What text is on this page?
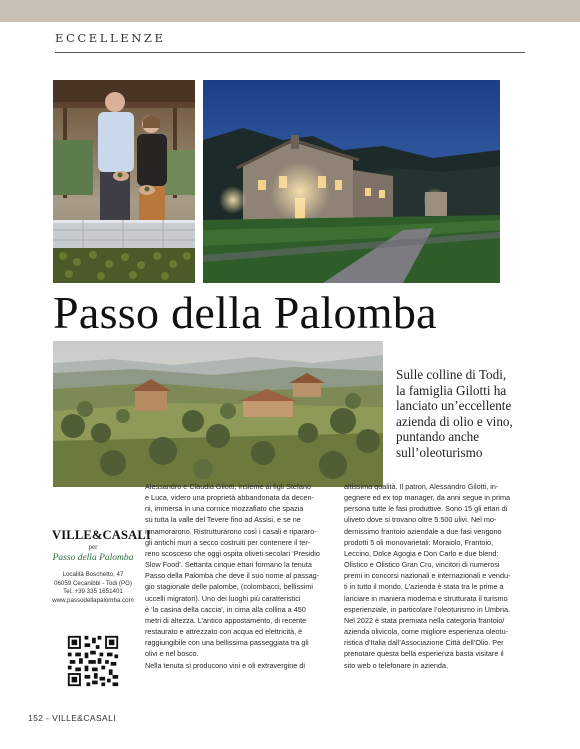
ECCELLENZE
Passo della Palomba
Sulle colline di Todi,
la famiglia Gilotti ha
lanciato un’eccellente
azienda di olio e vino,
puntando anche
sull’oleoturismo
VILLE&CASALI
per
Passo della Palomba
Località Boschetto, 47
06059 Cecanibbi - Todi (PG)
Tel. +39 335 1651401
www.passodellapalomba.com
Alessandro e Claudia Gilotti, insieme ai figli Stefano
e Luca, videro una proprietà abbandonata da decen-
ni, immersa in una cornice mozzafiato che spazia
su tutta la valle del Tevere fino ad Assisi, e se ne
innamorarono. Ristrutturarono così i casali e ripararo-
gli antichi muri a secco costruiti per contenere il ter-
reno scosceso che oggi ospita oliveti secolari ‘Presidio
Slow Food’. Settanta cinque ettari formano la tenuta
Passo della Palomba che deve il suo nome al passag-
gio stagionale delle palombe, (colombacci, bellissimi
uccelli migratori). Uno dei luoghi più caratteristici
è ‘la casina della caccia’, in cima alla collina a 450
metri di altezza. L’antico appostamento, di recente
restaurato e attrezzato con acqua ed elettricità, è
raggiungibile con una bellissima passeggiata tra gli
olivi e nel bosco.
Nella tenuta si producono vini e oli extravergine di
altissima qualità. Il patron, Alessandro Gilotti, in-
gegnere ed ex top manager, da anni segue in prima
persona tutte le fasi produttive. Sono 15 gli ettari di
uliveto dove si trovano oltre 5.500 ulivi. Nel mo-
dernissimo frantoio aziendale a due fasi vengono
prodotti 5 oli monovarietali: Moraiolo, Frantoio,
Leccino, Dolce Agogia e Don Carlo e due blend:
Olistico e Olistico Gran Cru, vincitori di numerosi
premi in concorsi nazionali e internazionali e vendu-
ti in tutto il mondo. L’azienda è stata tra le prime a
lanciare in maniera moderna e strutturata il turismo
esperienziale, in particolare l’oleoturismo in Umbria.
Nel 2022 è stata premiata nella categoria frantoio/
azienda olivicola, come migliore esperienza oleotu-
ristica d’Italia dall’Associazione Città dell’Olio. Per
prenotare questa bella esperienza basta visitare il
sito web o telefonare in azienda.
152 - VILLE&CASALI
